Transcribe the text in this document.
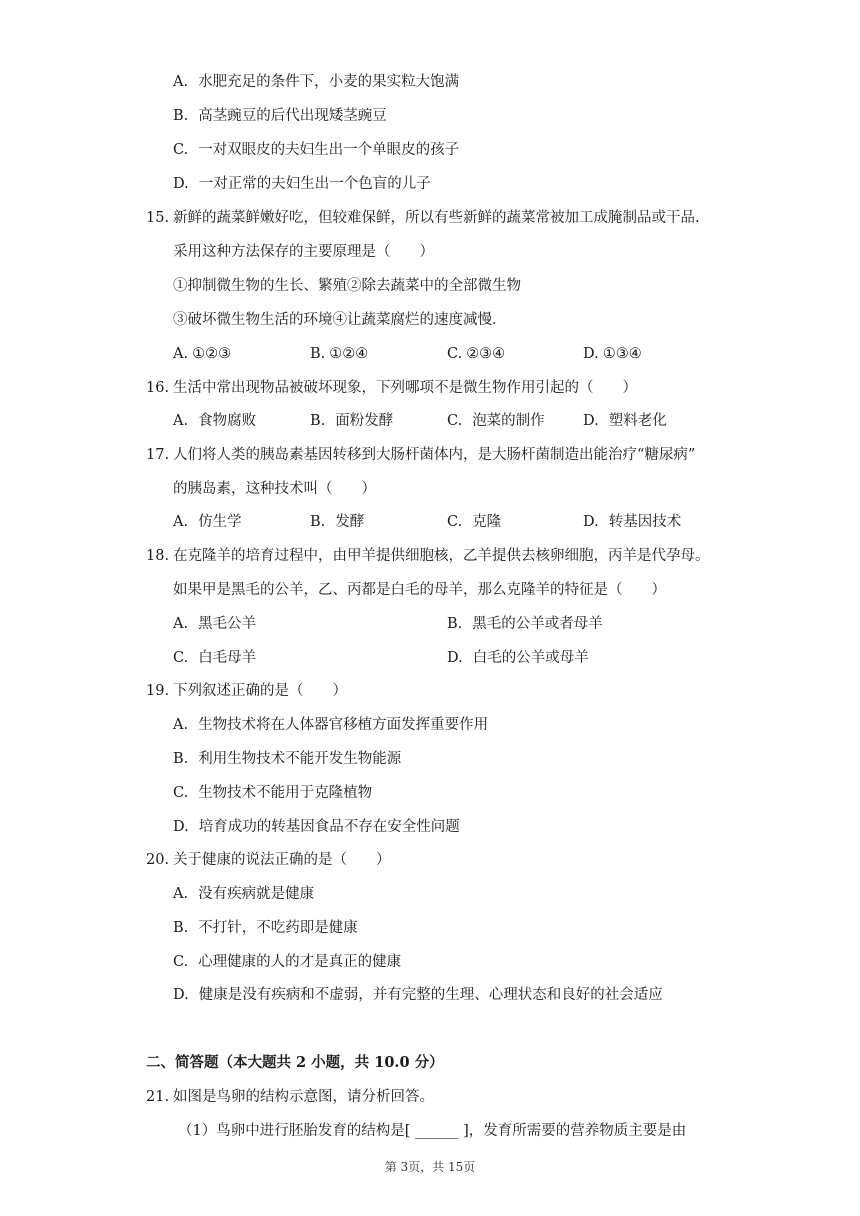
A. 水肥充足的条件下，小麦的果实粒大饱满
B. 高茎豌豆的后代出现矮茎豌豆
C. 一对双眼皮的夫妇生出一个单眼皮的孩子
D. 一对正常的夫妇生出一个色盲的儿子
15. 新鲜的蔬菜鲜嫩好吃，但较难保鲜，所以有些新鲜的蔬菜常被加工成腌制品或干品.
采用这种方法保存的主要原理是（　　）
①抑制微生物的生长、繁殖②除去蔬菜中的全部微生物
③破坏微生物生活的环境④让蔬菜腐烂的速度减慢．
A. ①②③	B. ①②④	C. ②③④	D. ①③④
16. 生活中常出现物品被破坏现象，下列哪项不是微生物作用引起的（　　）
A. 食物腐败	B. 面粉发酵	C. 泡菜的制作	D. 塑料老化
17. 人们将人类的胰岛素基因转移到大肠杆菌体内，是大肠杆菌制造出能治疗“糖尿病”
的胰岛素，这种技术叫（　　）
A. 仿生学	B. 发酵	C. 克隆	D. 转基因技术
18. 在克隆羊的培育过程中，由甲羊提供细胞核，乙羊提供去核卵细胞，丙羊是代孕母。
如果甲是黑毛的公羊，乙、丙都是白毛的母羊，那么克隆羊的特征是（　　）
A. 黑毛公羊	B. 黑毛的公羊或者母羊
C. 白毛母羊	D. 白毛的公羊或母羊
19. 下列叙述正确的是（　　）
A. 生物技术将在人体器官移植方面发挥重要作用
B. 利用生物技术不能开发生物能源
C. 生物技术不能用于克隆植物
D. 培育成功的转基因食品不存在安全性问题
20. 关于健康的说法正确的是（　　）
A. 没有疾病就是健康
B. 不打针，不吃药即是健康
C. 心理健康的人的才是真正的健康
D. 健康是没有疾病和不虚弱，并有完整的生理、心理状态和良好的社会适应
二、简答题（本大题共 2 小题，共 10.0 分）
21. 如图是鸟卵的结构示意图，请分析回答。
（1）鸟卵中进行胚胎发育的结构是[ ______ ]，发育所需要的营养物质主要是由
第 3页，共 15页
